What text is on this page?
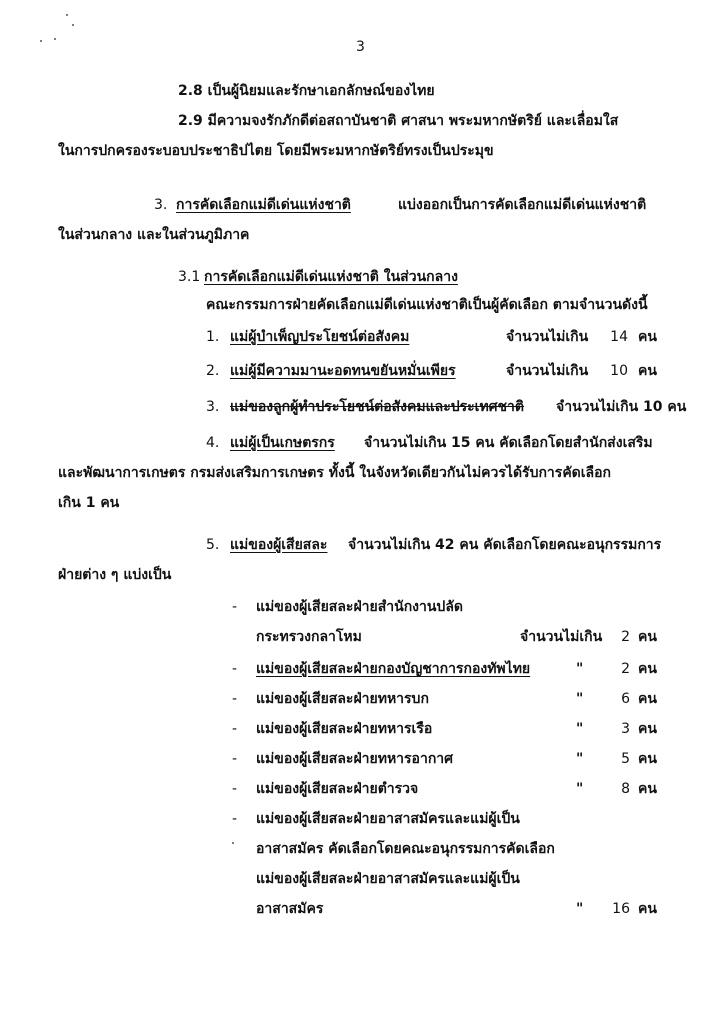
3
2.8 เป็นผู้นิยมและรักษาเอกลักษณ์ของไทย
2.9 มีความจงรักภักดีต่อสถาบันชาติ ศาสนา พระมหากษัตริย์ และเลื่อมใส
ในการปกครองระบอบประชาธิปไตย โดยมีพระมหากษัตริย์ทรงเป็นประมุข
3. การคัดเลือกแม่ดีเด่นแห่งชาติ	แบ่งออกเป็นการคัดเลือกแม่ดีเด่นแห่งชาติ
ในส่วนกลาง และในส่วนภูมิภาค
3.1 การคัดเลือกแม่ดีเด่นแห่งชาติ ในส่วนกลาง
คณะกรรมการฝ่ายคัดเลือกแม่ดีเด่นแห่งชาติเป็นผู้คัดเลือก ตามจำนวนดังนี้
1. แม่ผู้บำเพ็ญประโยชน์ต่อสังคม	จำนวนไม่เกิน	14 คน
2. แม่ผู้มีความมานะอดทนขยันหมั่นเพียร	จำนวนไม่เกิน	10 คน
3. แม่ของลูกผู้ทำประโยชน์ต่อสังคมและประเทศชาติ จำนวนไม่เกิน 10 คน
4. แม่ผู้เป็นเกษตรกร จำนวนไม่เกิน 15 คน คัดเลือกโดยสำนักส่งเสริม
และพัฒนาการเกษตร กรมส่งเสริมการเกษตร ทั้งนี้ ในจังหวัดเดียวกันไม่ควรได้รับการคัดเลือก
เกิน 1 คน
5. แม่ของผู้เสียสละ จำนวนไม่เกิน 42 คน คัดเลือกโดยคณะอนุกรรมการ
ฝ่ายต่าง ๆ แบ่งเป็น
- แม่ของผู้เสียสละฝ่ายสำนักงานปลัด
กระทรวงกลาโหม	จำนวนไม่เกิน	2 คน
- แม่ของผู้เสียสละฝ่ายกองบัญชาการกองทัพไทย	"	2 คน
- แม่ของผู้เสียสละฝ่ายทหารบก	"	6 คน
- แม่ของผู้เสียสละฝ่ายทหารเรือ	"	3 คน
- แม่ของผู้เสียสละฝ่ายทหารอากาศ	"	5 คน
- แม่ของผู้เสียสละฝ่ายตำรวจ	"	8 คน
- แม่ของผู้เสียสละฝ่ายอาสาสมัครและแม่ผู้เป็น
อาสาสมัคร คัดเลือกโดยคณะอนุกรรมการคัดเลือก
แม่ของผู้เสียสละฝ่ายอาสาสมัครและแม่ผู้เป็น
อาสาสมัคร	"	16 คน
